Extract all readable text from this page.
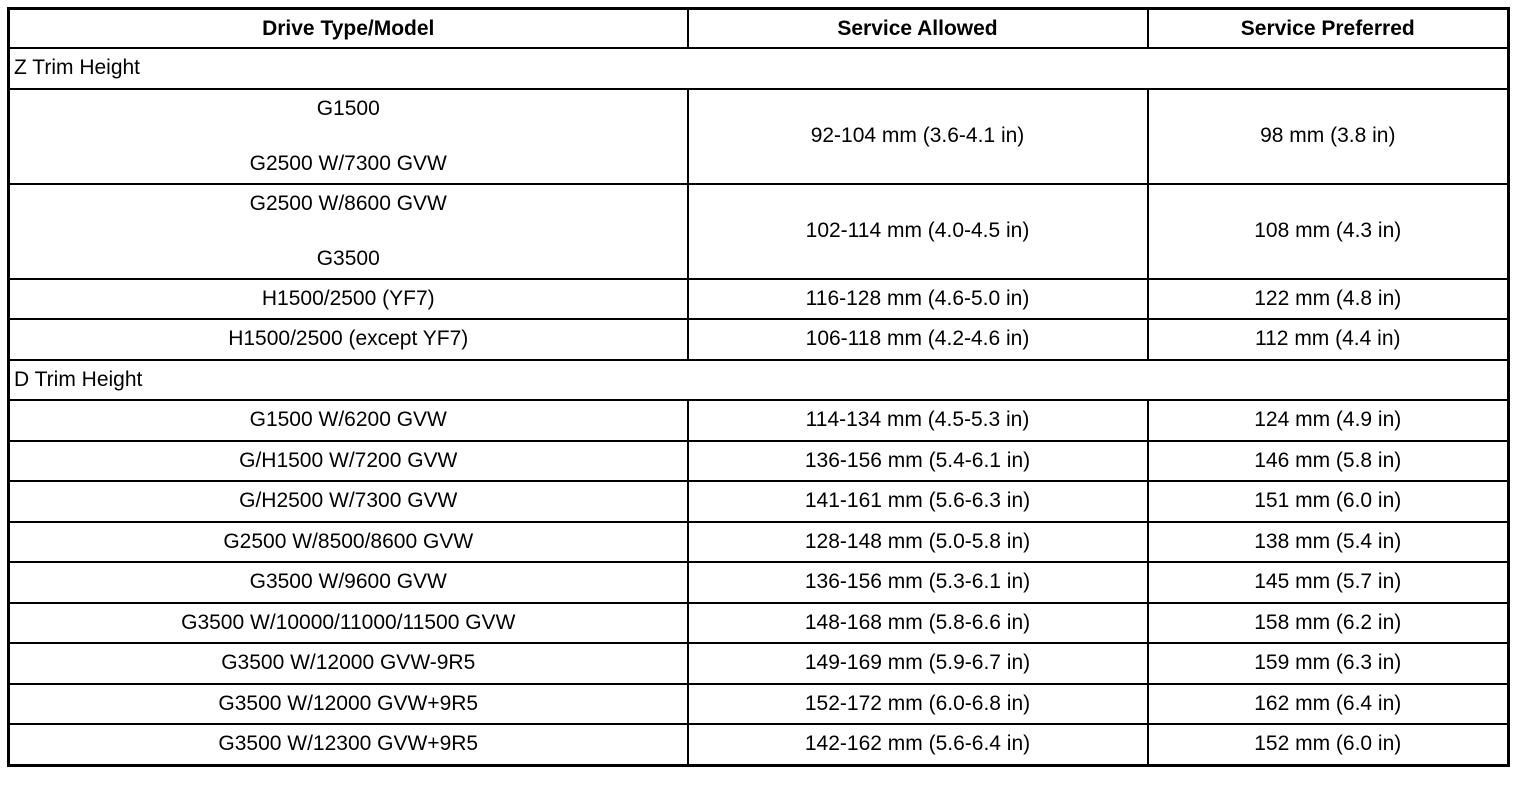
Drive Type/Model	Service Allowed	Service Preferred
Z Trim Height		

G1500
G2500 W/7300 GVW	92-104 mm (3.6-4.1 in)	98 mm (3.8 in)

G2500 W/8600 GVW
G3500	102-114 mm (4.0-4.5 in)	108 mm (4.3 in)
H1500/2500 (YF7)	116-128 mm (4.6-5.0 in)	122 mm (4.8 in)
H1500/2500 (except YF7)	106-118 mm (4.2-4.6 in)	112 mm (4.4 in)
D Trim Height		
G1500 W/6200 GVW	114-134 mm (4.5-5.3 in)	124 mm (4.9 in)
G/H1500 W/7200 GVW	136-156 mm (5.4-6.1 in)	146 mm (5.8 in)
G/H2500 W/7300 GVW	141-161 mm (5.6-6.3 in)	151 mm (6.0 in)
G2500 W/8500/8600 GVW	128-148 mm (5.0-5.8 in)	138 mm (5.4 in)
G3500 W/9600 GVW	136-156 mm (5.3-6.1 in)	145 mm (5.7 in)
G3500 W/10000/11000/11500 GVW	148-168 mm (5.8-6.6 in)	158 mm (6.2 in)
G3500 W/12000 GVW-9R5	149-169 mm (5.9-6.7 in)	159 mm (6.3 in)
G3500 W/12000 GVW+9R5	152-172 mm (6.0-6.8 in)	162 mm (6.4 in)
G3500 W/12300 GVW+9R5	142-162 mm (5.6-6.4 in)	152 mm (6.0 in)
